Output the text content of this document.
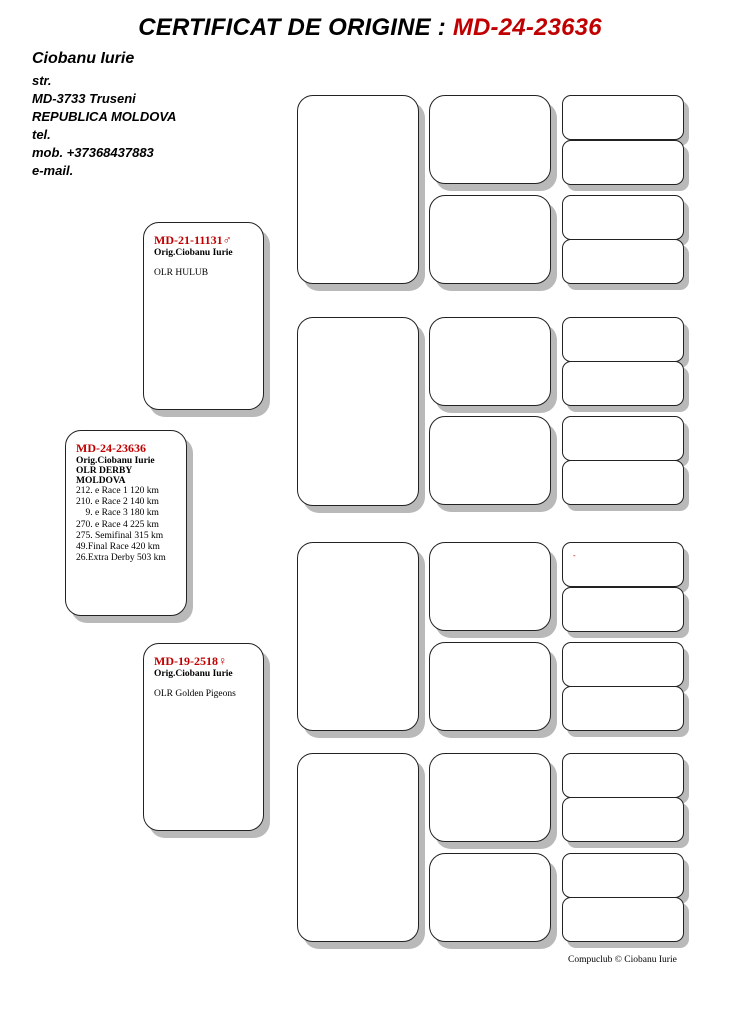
CERTIFICAT DE ORIGINE : MD-24-23636
Ciobanu Iurie
str.
MD-3733 Truseni
REPUBLICA MOLDOVA
tel.
mob. +37368437883
e-mail.
MD-24-23636
Orig.Ciobanu Iurie
OLR DERBY
MOLDOVA
212. e Race 1 120 km
210. e Race 2 140 km
9. e Race 3 180 km
270. e Race 4 225 km
275. Semifinal 315 km
49.Final Race 420 km
26.Extra Derby 503 km
MD-21-11131♂
Orig.Ciobanu Iurie
OLR HULUB
MD-19-2518♀
Orig.Ciobanu Iurie
OLR Golden Pigeons
-
Compuclub © Ciobanu Iurie
